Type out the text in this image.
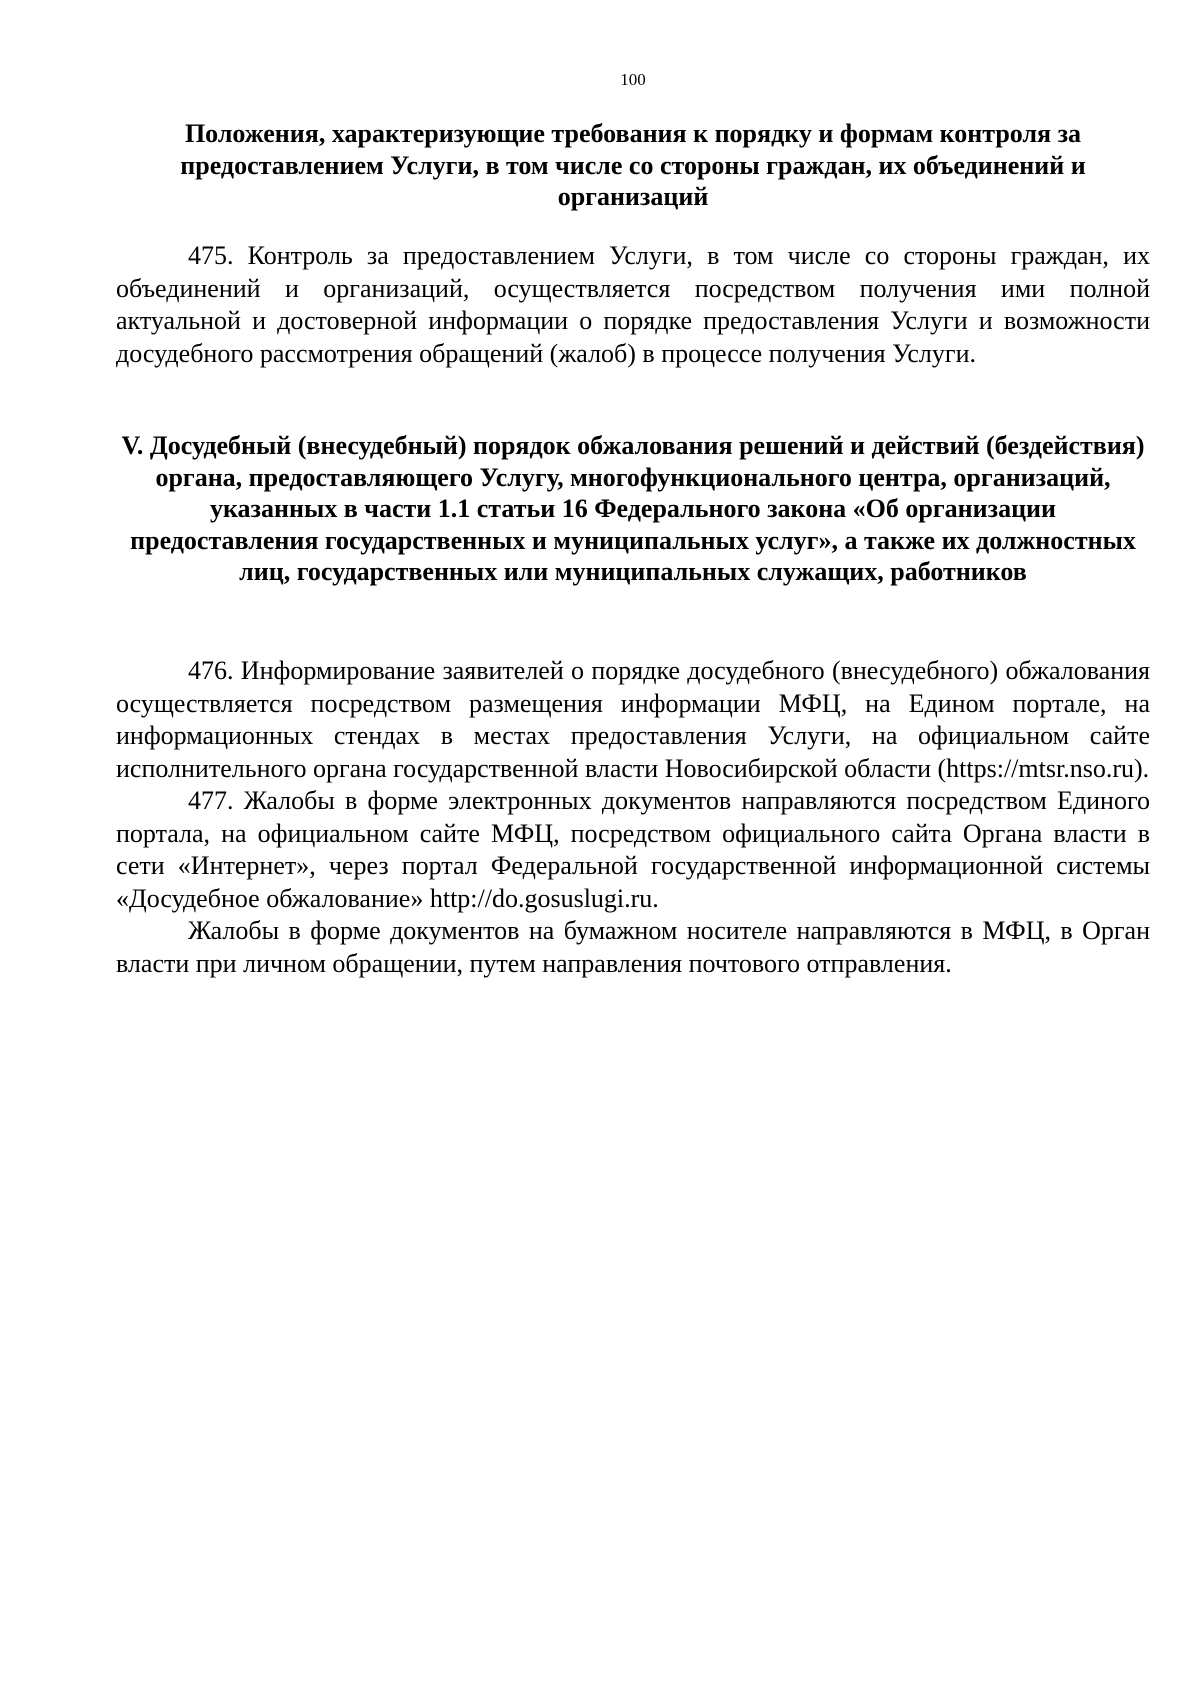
100
Положения, характеризующие требования к порядку и формам контроля за предоставлением Услуги, в том числе со стороны граждан, их объединений и организаций

475. Контроль за предоставлением Услуги, в том числе со стороны граждан, их объединений и организаций, осуществляется посредством получения ими полной актуальной и достоверной информации о порядке предоставления Услуги и возможности досудебного рассмотрения обращений (жалоб) в процессе получения Услуги.

V. Досудебный (внесудебный) порядок обжалования решений и действий (бездействия) органа, предоставляющего Услугу, многофункционального центра, организаций, указанных в части 1.1 статьи 16 Федерального закона «Об организации предоставления государственных и муниципальных услуг», а также их должностных лиц, государственных или муниципальных служащих, работников

476. Информирование заявителей о порядке досудебного (внесудебного) обжалования осуществляется посредством размещения информации МФЦ, на Едином портале, на информационных стендах в местах предоставления Услуги, на официальном сайте исполнительного органа государственной власти Новосибирской области (https://mtsr.nso.ru).

477. Жалобы в форме электронных документов направляются посредством Единого портала, на официальном сайте МФЦ, посредством официального сайта Органа власти в сети «Интернет», через портал Федеральной государственной информационной системы «Досудебное обжалование» http://do.gosuslugi.ru.

Жалобы в форме документов на бумажном носителе направляются в МФЦ, в Орган власти при личном обращении, путем направления почтового отправления.
